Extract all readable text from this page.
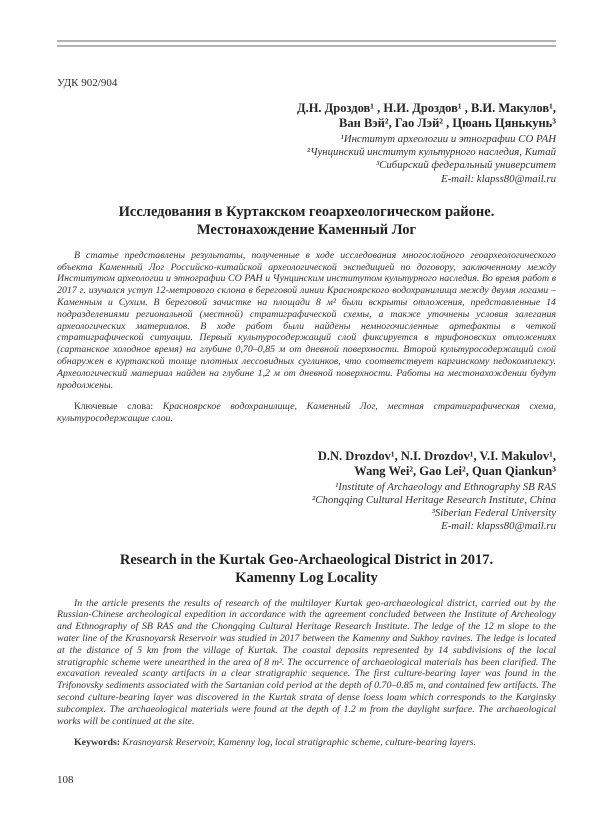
УДК 902/904
Д.Н. Дроздов¹ , Н.И. Дроздов¹ , В.И. Макулов¹,
Ван Вэй², Гао Лэй² , Цюань Цянькунь³
¹Институт археологии и этнографии СО РАН
²Чунцинский институт культурного наследия, Китай
³Сибирский федеральный университет
E-mail: klapss80@mail.ru
Исследования в Куртакском геоархеологическом районе.
Местонахождение Каменный Лог

В статье представлены результаты, полученные в ходе исследования многослойного геоархеологического объекта Каменный Лог Российско-китайской археологической экспедицией по договору, заключенному между Институтом археологии и этнографии СО РАН и Чунцинским институтом культурного наследия. Во время работ в 2017 г. изучался уступ 12-метрового склона в береговой линии Красноярского водохранилища между двумя логами – Каменным и Сухим. В береговой зачистке на площади 8 м² были вскрыты отложения, представленные 14 подразделениями региональной (местной) стратиграфической схемы, а также уточнены условия залегания археологических материалов. В ходе работ были найдены немногочисленные артефакты в четкой стратиграфической ситуации. Первый культуросодержащий слой фиксируется в трифоновских отложениях (сартанское холодное время) на глубине 0,70–0,85 м от дневной поверхности. Второй культуросодержащий слой обнаружен в куртакской толще плотных лессовидных суглинков, что соответствует каргинскому педокомплексу. Археологический материал найден на глубине 1,2 м от дневной поверхности. Работы на местонахождении будут продолжены.

Ключевые слова: Красноярское водохранилище, Каменный Лог, местная стратиграфическая схема, культуросодержащие слои.

D.N. Drozdov¹, N.I. Drozdov¹, V.I. Makulov¹,
Wang Wei², Gao Lei², Quan Qiankun³
¹Institute of Archaeology and Ethnography SB RAS
²Chongqing Cultural Heritage Research Institute, China
³Siberian Federal University
E-mail: klapss80@mail.ru
Research in the Kurtak Geo-Archaeological District in 2017.
Kamenny Log Locality

In the article presents the results of research of the multilayer Kurtak geo-archaeological district, carried out by the Russian-Chinese archeological expedition in accordance with the agreement concluded between the Institute of Archeology and Ethnography of SB RAS and the Chongqing Cultural Heritage Research Institute. The ledge of the 12 m slope to the water line of the Krasnoyarsk Reservoir was studied in 2017 between the Kamenny and Sukhoy ravines. The ledge is located at the distance of 5 km from the village of Kurtak. The coastal deposits represented by 14 subdivisions of the local stratigraphic scheme were unearthed in the area of 8 m². The occurrence of archaeological materials has been clarified. The excavation revealed scanty artifacts in a clear stratigraphic sequence. The first culture-bearing layer was found in the Trifonovsky sediments associated with the Sartanian cold period at the depth of 0.70–0.85 m, and contained few artifacts. The second culture-bearing layer was discovered in the Kurtak strata of dense loess loam which corresponds to the Karginsky subcomplex. The archaeological materials were found at the depth of 1.2 m from the daylight surface. The archaeological works will be continued at the site.

Keywords: Krasnoyarsk Reservoir, Kamenny log, local stratigraphic scheme, culture-bearing layers.

108
